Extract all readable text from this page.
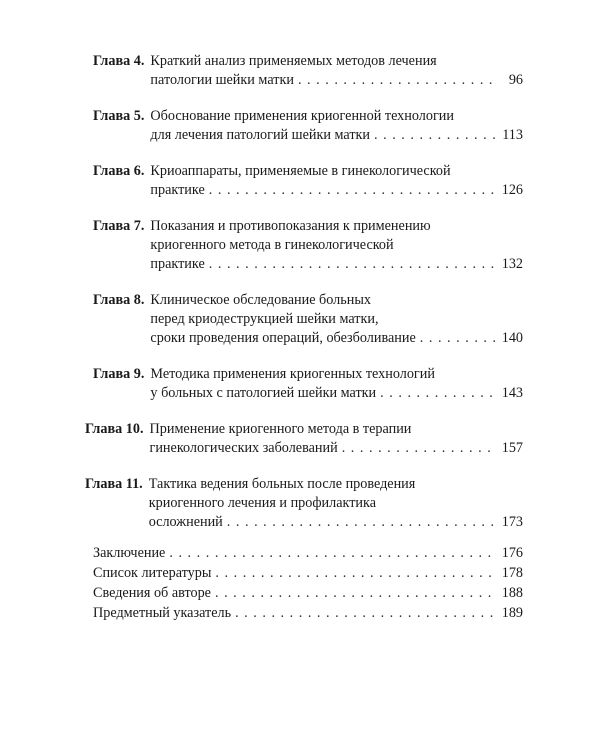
Глава 4. Краткий анализ применяемых методов лечения
патологии шейки матки . . .	96
Глава 5. Обоснование применения криогенной технологии
для лечения патологий шейки матки . . .	113
Глава 6. Криоаппараты, применяемые в гинекологической
практике . . .	126
Глава 7. Показания и противопоказания к применению
криогенного метода в гинекологической
практике . . .	132
Глава 8. Клиническое обследование больных
перед криодеструкцией шейки матки,
сроки проведения операций, обезболивание . . .	140
Глава 9. Методика применения криогенных технологий
у больных с патологией шейки матки . . .	143
Глава 10. Применение криогенного метода в терапии
гинекологических заболеваний . . .	157
Глава 11. Тактика ведения больных после проведения
криогенного лечения и профилактика
осложнений . . .	173
Заключение . . .	176
Список литературы . . .	178
Сведения об авторе . . .	188
Предметный указатель . . .	189
